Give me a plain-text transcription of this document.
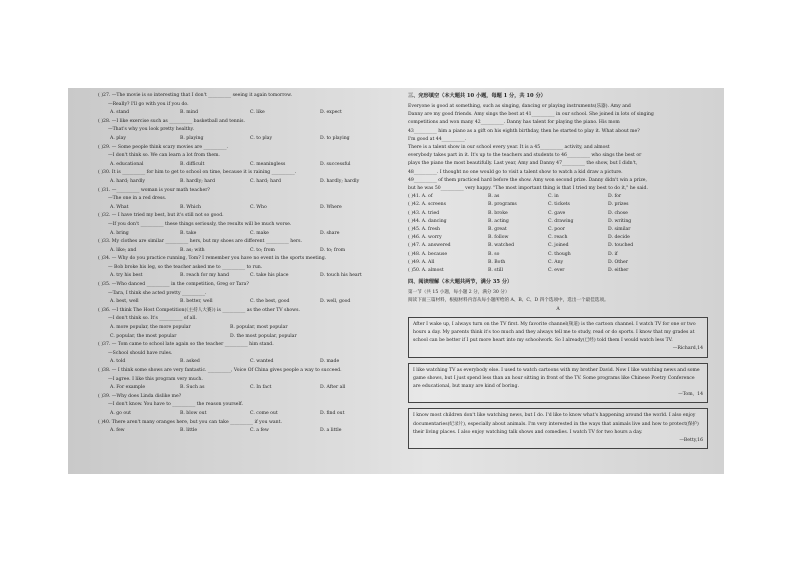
( )27. —The movie is so interesting that I don't __________ seeing it again tomorrow.
—Really? I'll go with you if you do.
A. stand	B. mind	C. like	D. expect
( )28. —I like exercise such as __________ basketball and tennis.
—That's why you look pretty healthy.
A. play	B. playing	C. to play	D. to playing
( )29. — Some people think scary movies are __________.
—I don't think so. We can learn a lot from them.
A. educational	B. difficult	C. meaningless	D. successful
( )30. It is __________ for him to get to school on time, because it is raining __________.
A. hard; hardly	B. hardly; hard	C. hard; hard	D. hardly; hardly
( )31. —__________ woman is your math teacher?
—The one in a red dress.
A. What	B. Which	C. Who	D. Where
( )32. — I have tried my best, but it's still not so good.
—If you don't __________ these things seriously, the results will be much worse.
A. bring	B. take	C. make	D. share
( )33. My clothes are similar __________ hers, but my shoes are different __________ hers.
A. like; and	B. as; with	C. to; from	D. to; from
( )34. — Why do you practice running, Tom? I remember you have no event in the sports meeting.
— Bob broke his leg, so the teacher asked me to __________ to run.
A. try his best	B. reach for my hand	C. take his place	D. touch his heart
( )35. —Who danced __________ in the competition, Greg or Tara?
—Tara, I think she acted pretty __________.
A. best, well	B. better, well	C. the best, good	D. well, good
( )36. —I think The Host Competition(《主持人大赛》) is __________ as the other TV shows.
—I don't think so. It's __________ of all.
A. more popular, the more popular	B. popular, most popular
C. popular, the most popular	D. the most popular, popular
( )37. — Tom came to school late again so the teacher __________ him stand.
—School should have rules.
A. told	B. asked	C. wanted	D. made
( )38. — I think some shows are very fantastic. __________, Voice Of China gives people a way to succeed.
—I agree. I like this program very much.
A. For example	B. Such as	C. In fact	D. After all
( )39. —Why does Linda dislike me?
—I don't know. You have to __________ the reason yourself.
A. go out	B. blow out	C. come out	D. find out
( )40. There aren't many oranges here, but you can take __________ if you want.
A. few	B. little	C. a few	D. a little
三、完形填空（本大题共 10 小题，每题 1 分，共 10 分）
Everyone is good at something, such as singing, dancing or playing instruments(乐器). Amy and
Danny are my good friends. Amy sings the best at 41__________ in our school. She joined in lots of singing
competitions and won many 42__________. Danny has talent for playing the piano. His mom
43__________ him a piano as a gift on his eighth birthday, then he started to play it. What about me?
I'm good at 44__________.
There is a talent show in our school every year. It is a 45__________ activity, and almost
everybody takes part in it. It's up to the teachers and students to 46__________ who sings the best or
plays the piano the most beautifully. Last year, Amy and Danny 47__________ the show, but I didn't,
48__________. I thought no one would go to visit a talent show to watch a kid draw a picture.
49__________ of them practiced hard before the show. Amy won second prize. Danny didn't win a prize,
but he was 50__________ very happy. "The most important thing is that I tried my best to do it," he said.
( )41. A. of	B. as	C. in	D. for
( )42. A. screens	B. programs	C. tickets	D. prizes
( )43. A. tried	B. broke	C. gave	D. chose
( )44. A. dancing	B. acting	C. drawing	D. writing
( )45. A. fresh	B. great	C. poor	D. similar
( )46. A. worry	B. follow	C. reach	D. decide
( )47. A. answered	B. watched	C. joined	D. touched
( )48. A. because	B. so	C. though	D. if
( )49. A. All	B. Both	C. Any	D. Other
( )50. A. almost	B. still	C. ever	D. either
四、阅读理解（本大题共两节，满分 35 分）
第一节（共 15 小题，每小题 2 分，满分 30 分）
阅读下面三篇材料，根据材料内容从每小题所给的 A、B、C、D 四个选项中，选出一个最佳选项。
A
After I wake up, I always turn on the TV first. My favorite channel(频道) is the cartoon channel. I watch TV for one or two hours a day. My parents think it's too much and they always tell me to study, read or do sports. I know that my grades at school can be better if I put more heart into my schoolwork. So I already(已经) told them I would watch less TV.
—Richard,14
I like watching TV as everybody else. I used to watch cartoons with my brother David. Now I like watching news and some game shows, but I just spend less than an hour sitting in front of the TV. Some programs like Chinese Poetry Conference are educational, but many are kind of boring.
—Tom，14
I know most children don't like watching news, but I do. I'd like to know what's happening around the world. I also enjoy documentaries(纪录片), especially about animals. I'm very interested in the ways that animals live and how to protect(保护) their living places. I also enjoy watching talk shows and comedies. I watch TV for two hours a day.
—Betty,16
